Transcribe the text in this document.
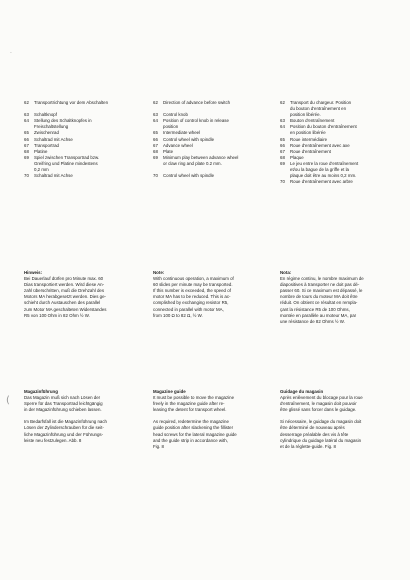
·
(
62	Transportrichtung vor dem Abschalten
63	Schaltknopf
64	Stellung des Schaltknopfes in
Freischaltstellung
65	Zwischenrad
66	Schaltrad mit Achse
67	Transportrad
68	Platine
69	Spiel zwischen Transportrad bzw.
Greifring und Platine mindestens
0,2 mm
70	Schaltrad mit Achse
62	Direction of advance before switch
63	Control knob
64	Position of control knob in release
position
65	Intermediate wheel
66	Control wheel with spindle
67	Advance wheel
68	Plate
69	Minimum play between advance wheel
or claw ring and plate 0.2 mm.
70	Control wheel with spindle
62	Transport du chargeur. Position
du bouton d'entraînement en
position libérée.
63	Bouton d'entraînement
64	Position du bouton d'entraînement
en position libérée
65	Roue intermédiaire
66	Roue d'entraînement avec axe
67	Roue d'entraînement
68	Plaque
69	Le jeu entre la roue d'entraînement
et/ou la bague de la griffe et la
plaque doit être au moins 0,2 mm.
70	Roue d'entraînement avec arbre
Hinweis:
Bei Dauerlauf dürfen pro Minute max. 60
Dias transportiert werden. Wird diese An-
zahl überschritten, muß die Drehzahl des
Motors MA herabgesetzt werden. Dies ge-
schieht durch Austauschen des parallel
zum Motor MA geschalteten Widerstandes
R5 von 100 Ohm in 82 Ohm ½ W.
Note:
With continuous operation, a maximum of
60 slides per minute may be transported.
If this number is exceeded, the speed of
motor MA has to be reduced. This is ac-
complished by exchanging resistor R5,
connected in parallel with motor MA,
from 100 Ω to 82 Ω, ½ W.
Nota:
En régime continu, le nombre maximum de
diapositives à transporter ne doit pas dé-
passer 60. Si ce maximum est dépassé, le
nombre de tours du moteur MA doit être
réduit. On obtient ce résultat en rempla-
çant la résistance R5 de 100 Ohms,
montée en parallèle au moteur MA, par
une résistance de 82 Ohms ½ W.
Magazinführung
Das Magazin muß sich nach Lösen der
Sperre für das Transportrad leichtgängig
in der Magazinführung schieben lassen.
Im Bedarfsfall ist die Magazinführung nach
Lösen der Zylinderschrauben für die seit-
liche Magazinführung und der Führungs-
leiste neu festzulegen. Abb. 8
Magazine guide
It must be possible to move the magazine
freely in the magazine guide after re-
leasing the detent for transport wheel.
As required, redetermine the magazine
guide position after slackening the fillister
head screws for the lateral magazine guide
and the guide strip in accordance with,
Fig. 8
Guidage du magasin
Après enlèvement du blocage pour la roue
d'entraînement, le magasin doit pouvoir
être glissé sans forcer dans le guidage.
Si nécessaire, le guidage du magasin doit
être déterminé de nouveau après
desserrage préalable des vis à tête
cylindrique du guidage latéral du magasin
et de la réglette-guide. Fig. 8
